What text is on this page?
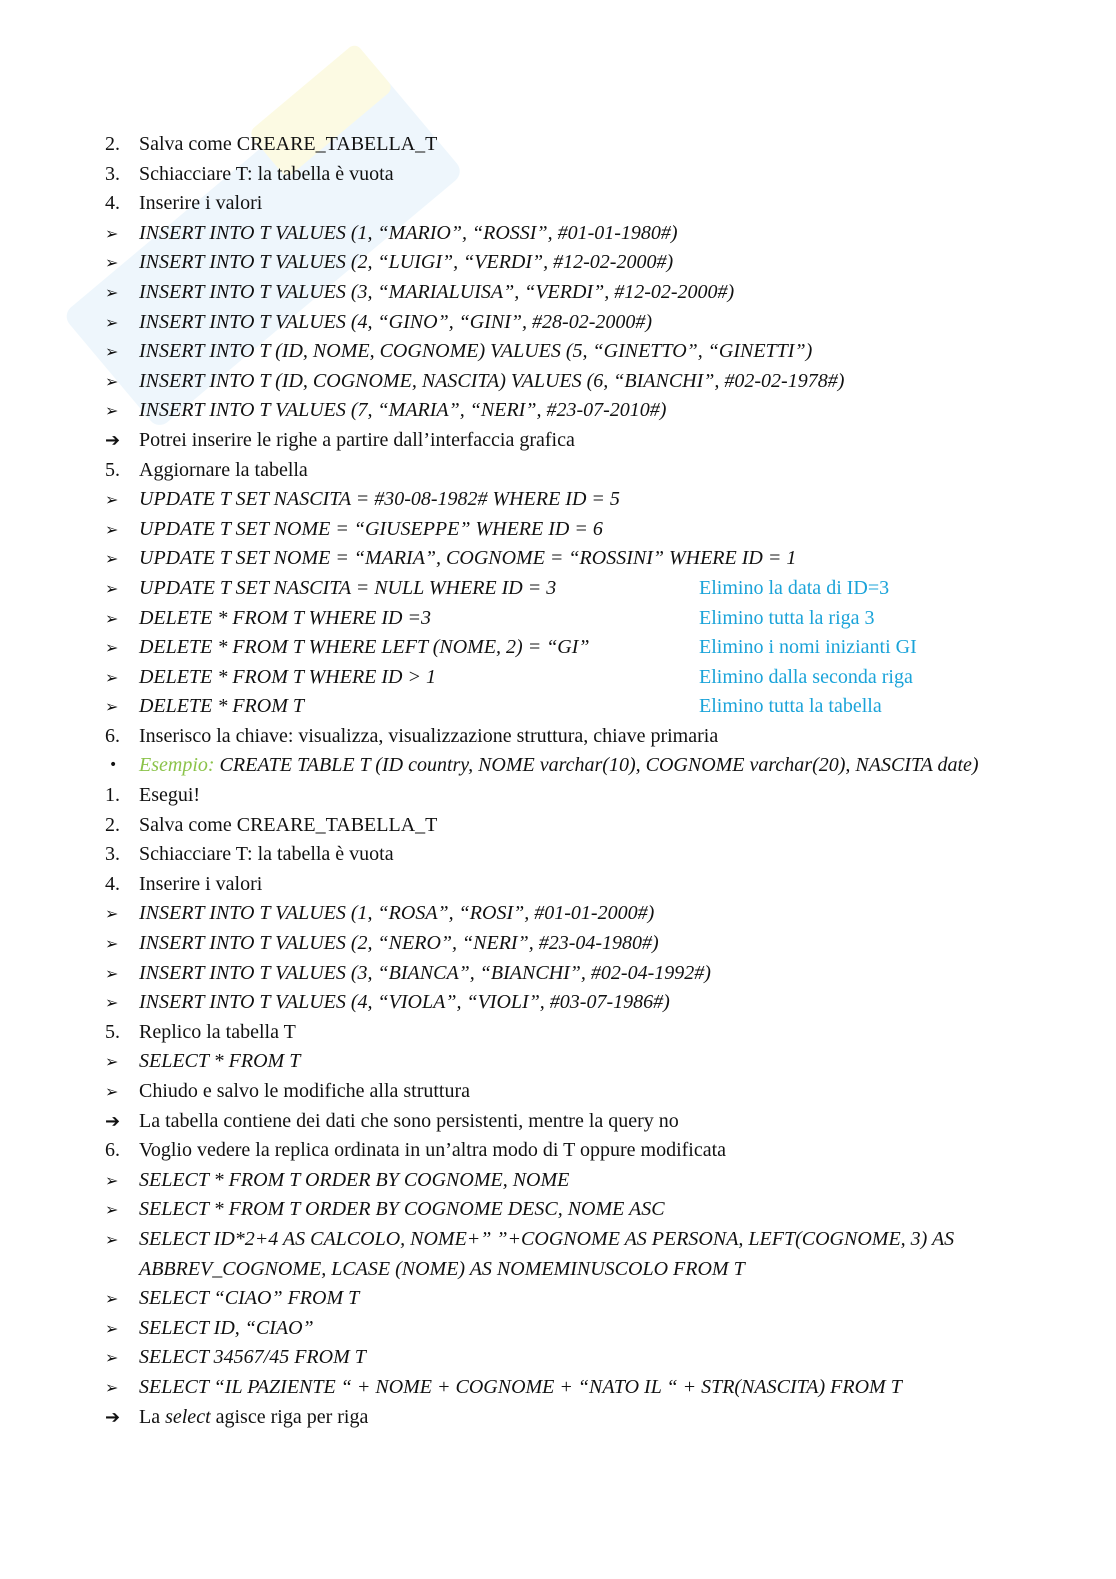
2. Salva come CREARE_TABELLA_T
3. Schiacciare T: la tabella è vuota
4. Inserire i valori
➢	INSERT INTO T VALUES (1, “MARIO”, “ROSSI”, #01-01-1980#)
➢	INSERT INTO T VALUES (2, “LUIGI”, “VERDI”, #12-02-2000#)
➢	INSERT INTO T VALUES (3, “MARIALUISA”, “VERDI”, #12-02-2000#)
➢	INSERT INTO T VALUES (4, “GINO”, “GINI”, #28-02-2000#)
➢	INSERT INTO T (ID, NOME, COGNOME) VALUES (5, “GINETTO”, “GINETTI”)
➢	INSERT INTO T (ID, COGNOME, NASCITA) VALUES (6, “BIANCHI”, #02-02-1978#)
➢	INSERT INTO T VALUES (7, “MARIA”, “NERI”, #23-07-2010#)
➔ Potrei inserire le righe a partire dall’interfaccia grafica
5. Aggiornare la tabella
➢	UPDATE T SET NASCITA = #30-08-1982# WHERE ID = 5
➢	UPDATE T SET NOME = “GIUSEPPE” WHERE ID = 6
➢	UPDATE T SET NOME = “MARIA”, COGNOME = “ROSSINI” WHERE ID = 1
➢	UPDATE T SET NASCITA = NULL WHERE ID = 3	Elimino la data di ID=3
➢	DELETE * FROM T WHERE ID =3	Elimino tutta la riga 3
➢	DELETE * FROM T WHERE LEFT (NOME, 2) = “GI”	Elimino i nomi inizianti GI
➢	DELETE * FROM T WHERE ID > 1	Elimino dalla seconda riga
➢	DELETE * FROM T	Elimino tutta la tabella
6. Inserisco la chiave: visualizza, visualizzazione struttura, chiave primaria
•	Esempio: CREATE TABLE T (ID country, NOME varchar(10), COGNOME varchar(20), NASCITA date)
1. Esegui!
2. Salva come CREARE_TABELLA_T
3. Schiacciare T: la tabella è vuota
4. Inserire i valori
➢	INSERT INTO T VALUES (1, “ROSA”, “ROSI”, #01-01-2000#)
➢	INSERT INTO T VALUES (2, “NERO”, “NERI”, #23-04-1980#)
➢	INSERT INTO T VALUES (3, “BIANCA”, “BIANCHI”, #02-04-1992#)
➢	INSERT INTO T VALUES (4, “VIOLA”, “VIOLI”, #03-07-1986#)
5. Replico la tabella T
➢	SELECT * FROM T
➢	Chiudo e salvo le modifiche alla struttura
➔ La tabella contiene dei dati che sono persistenti, mentre la query no
6. Voglio vedere la replica ordinata in un’altra modo di T oppure modificata
➢	SELECT * FROM T ORDER BY COGNOME, NOME
➢	SELECT * FROM T ORDER BY COGNOME DESC, NOME ASC
➢	SELECT ID*2+4 AS CALCOLO, NOME+” ”+COGNOME AS PERSONA, LEFT(COGNOME, 3) AS ABBREV_COGNOME, LCASE (NOME) AS NOMEMINUSCOLO FROM T
➢	SELECT “CIAO” FROM T
➢	SELECT ID, “CIAO”
➢	SELECT 34567/45 FROM T
➢	SELECT “IL PAZIENTE “ + NOME + COGNOME + “NATO IL “ + STR(NASCITA) FROM T
➔ La select agisce riga per riga
